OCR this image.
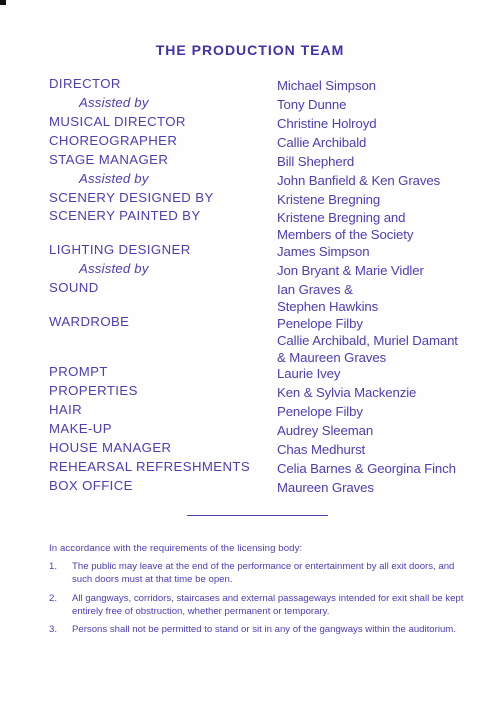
THE PRODUCTION TEAM
DIRECTOR	Michael Simpson
Assisted by	Tony Dunne
MUSICAL DIRECTOR	Christine Holroyd
CHOREOGRAPHER	Callie Archibald
STAGE MANAGER	Bill Shepherd
Assisted by	John Banfield & Ken Graves
SCENERY DESIGNED BY	Kristene Bregning
SCENERY PAINTED BY	Kristene Bregning and
Members of the Society
LIGHTING DESIGNER	James Simpson
Assisted by	Jon Bryant & Marie Vidler
SOUND	Ian Graves &
Stephen Hawkins
WARDROBE	Penelope Filby
Callie Archibald, Muriel Damant
& Maureen Graves
PROMPT	Laurie Ivey
PROPERTIES	Ken & Sylvia Mackenzie
HAIR	Penelope Filby
MAKE-UP	Audrey Sleeman
HOUSE MANAGER	Chas Medhurst
REHEARSAL REFRESHMENTS Celia Barnes & Georgina Finch
BOX OFFICE	Maureen Graves
In accordance with the requirements of the licensing body:
1. The public may leave at the end of the performance or entertainment by all exit doors, and such doors must at that time be open.
2. All gangways, corridors, staircases and external passageways intended for exit shall be kept entirely free of obstruction, whether permanent or temporary.
3. Persons shall not be permitted to stand or sit in any of the gangways within the auditorium.
